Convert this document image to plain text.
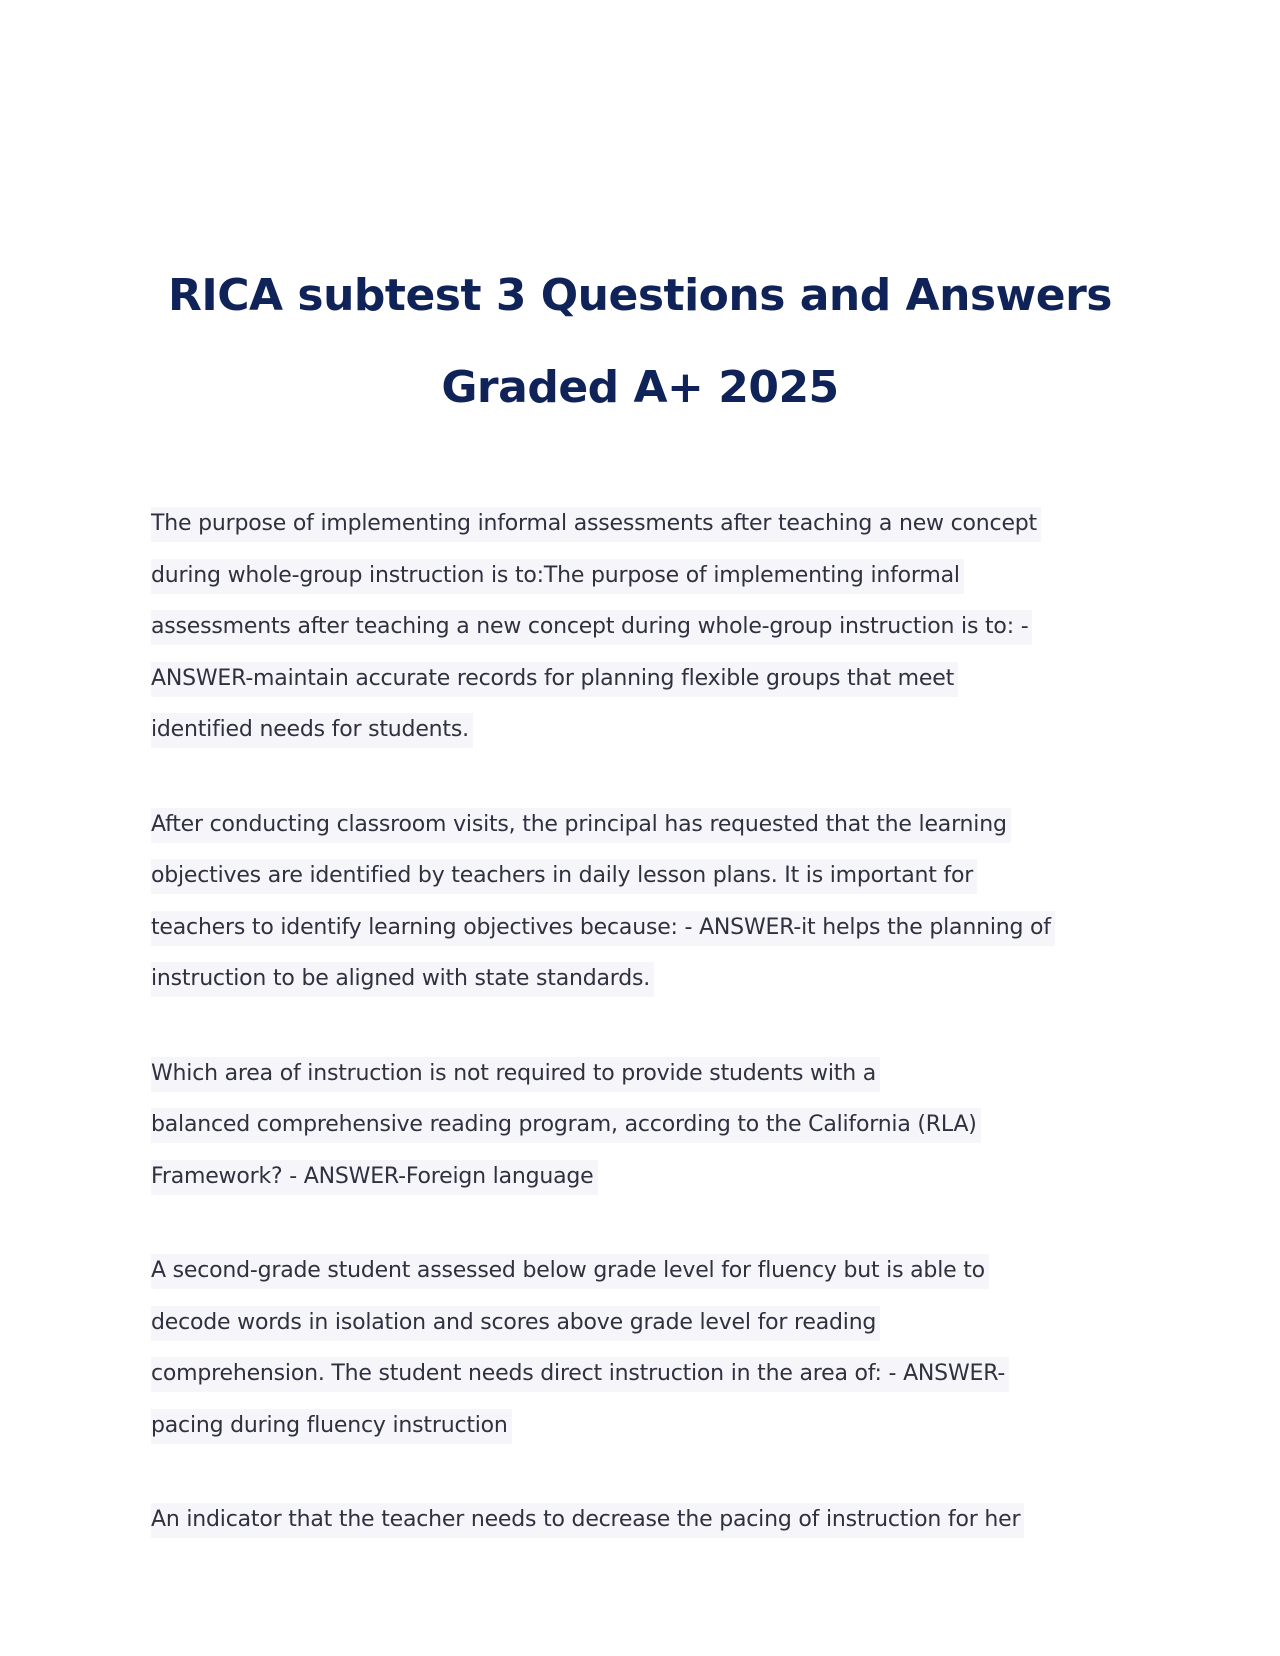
RICA subtest 3 Questions and Answers
Graded A+ 2025
The purpose of implementing informal assessments after teaching a new concept
during whole-group instruction is to:The purpose of implementing informal
assessments after teaching a new concept during whole-group instruction is to: -
ANSWER-maintain accurate records for planning flexible groups that meet
identified needs for students.
After conducting classroom visits, the principal has requested that the learning
objectives are identified by teachers in daily lesson plans. It is important for
teachers to identify learning objectives because: - ANSWER-it helps the planning of
instruction to be aligned with state standards.
Which area of instruction is not required to provide students with a
balanced comprehensive reading program, according to the California (RLA)
Framework? - ANSWER-Foreign language
A second-grade student assessed below grade level for fluency but is able to
decode words in isolation and scores above grade level for reading
comprehension. The student needs direct instruction in the area of: - ANSWER-
pacing during fluency instruction
An indicator that the teacher needs to decrease the pacing of instruction for her
